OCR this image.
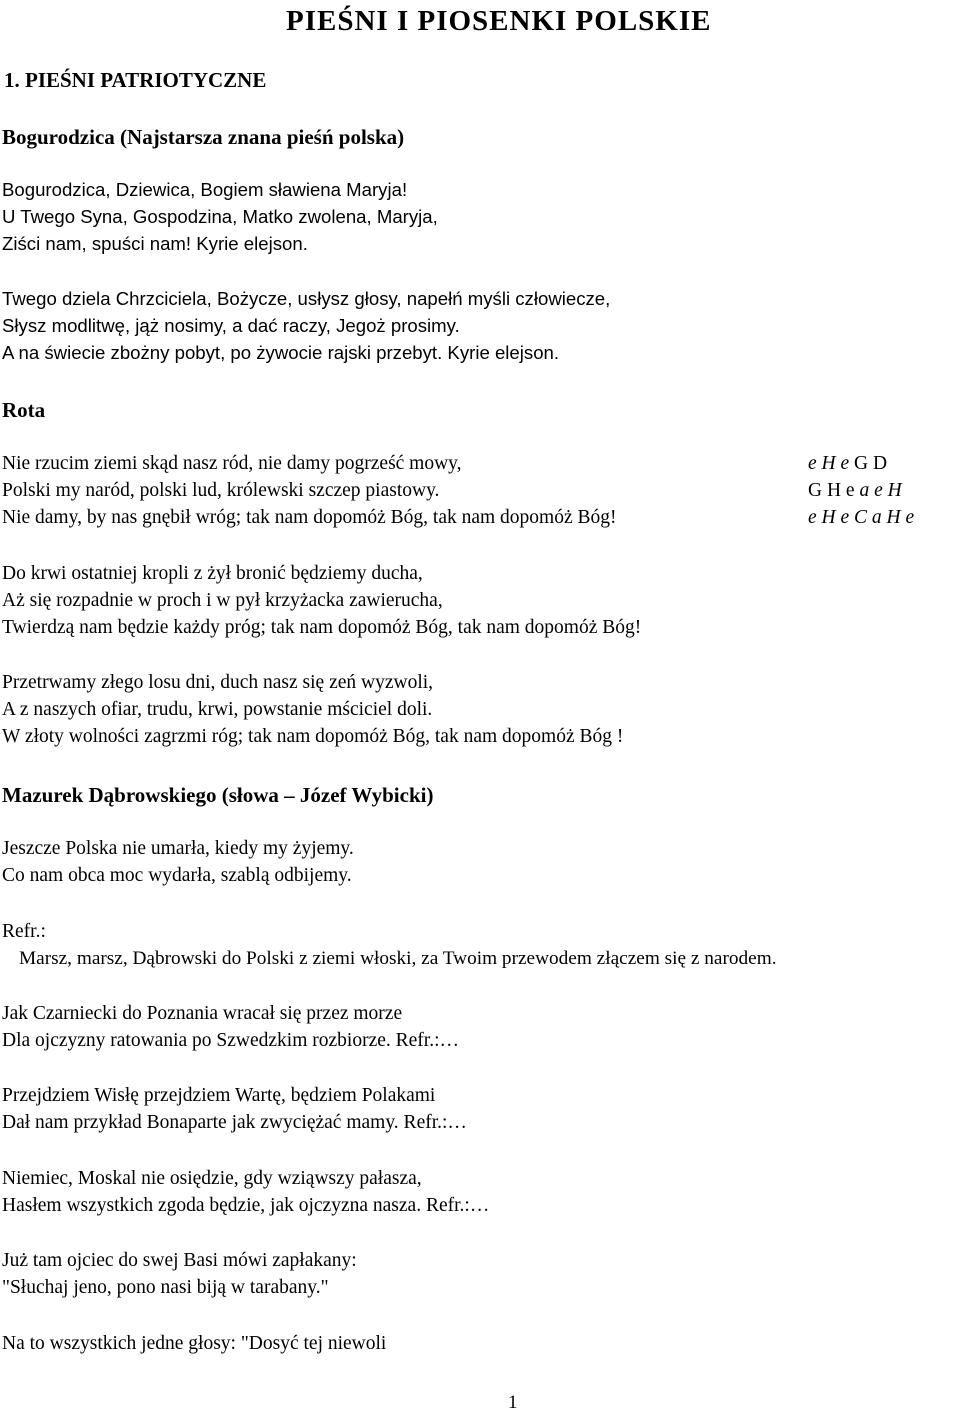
PIEŚNI I PIOSENKI POLSKIE
1. PIEŚNI PATRIOTYCZNE
Bogurodzica (Najstarsza znana pieśń polska)
Bogurodzica, Dziewica, Bogiem sławiena Maryja!
U Twego Syna, Gospodzina, Matko zwolena, Maryja,
Ziści nam, spuści nam! Kyrie elejson.
Twego dziela Chrzciciela, Bożycze, usłysz głosy, napełń myśli człowiecze,
Słysz modlitwę, jąż nosimy, a dać raczy, Jegoż prosimy.
A na świecie zbożny pobyt, po żywocie rajski przebyt. Kyrie elejson.
Rota
Nie rzucim ziemi skąd nasz ród, nie damy pogrześć mowy,
Polski my naród, polski lud, królewski szczep piastowy.
Nie damy, by nas gnębił wróg; tak nam dopomóż Bóg, tak nam dopomóż Bóg!
e H e G D
G H e a e H
e H e C a H e
Do krwi ostatniej kropli z żył bronić będziemy ducha,
Aż się rozpadnie w proch i w pył krzyżacka zawierucha,
Twierdzą nam będzie każdy próg; tak nam dopomóż Bóg, tak nam dopomóż Bóg!
Przetrwamy złego losu dni, duch nasz się zeń wyzwoli,
A z naszych ofiar, trudu, krwi, powstanie mściciel doli.
W złoty wolności zagrzmi róg; tak nam dopomóż Bóg, tak nam dopomóż Bóg !
Mazurek Dąbrowskiego (słowa – Józef Wybicki)
Jeszcze Polska nie umarła, kiedy my żyjemy.
Co nam obca moc wydarła, szablą odbijemy.
Refr.:
Marsz, marsz, Dąbrowski do Polski z ziemi włoski, za Twoim przewodem złączem się z narodem.
Jak Czarniecki do Poznania wracał się przez morze
Dla ojczyzny ratowania po Szwedzkim rozbiorze. Refr.:…
Przejdziem Wisłę przejdziem Wartę, będziem Polakami
Dał nam przykład Bonaparte jak zwyciężać mamy. Refr.:…
Niemiec, Moskal nie osiędzie, gdy wziąwszy pałasza,
Hasłem wszystkich zgoda będzie, jak ojczyzna nasza. Refr.:…
Już tam ojciec do swej Basi mówi zapłakany:
"Słuchaj jeno, pono nasi biją w tarabany."
Na to wszystkich jedne głosy: "Dosyć tej niewoli
1
